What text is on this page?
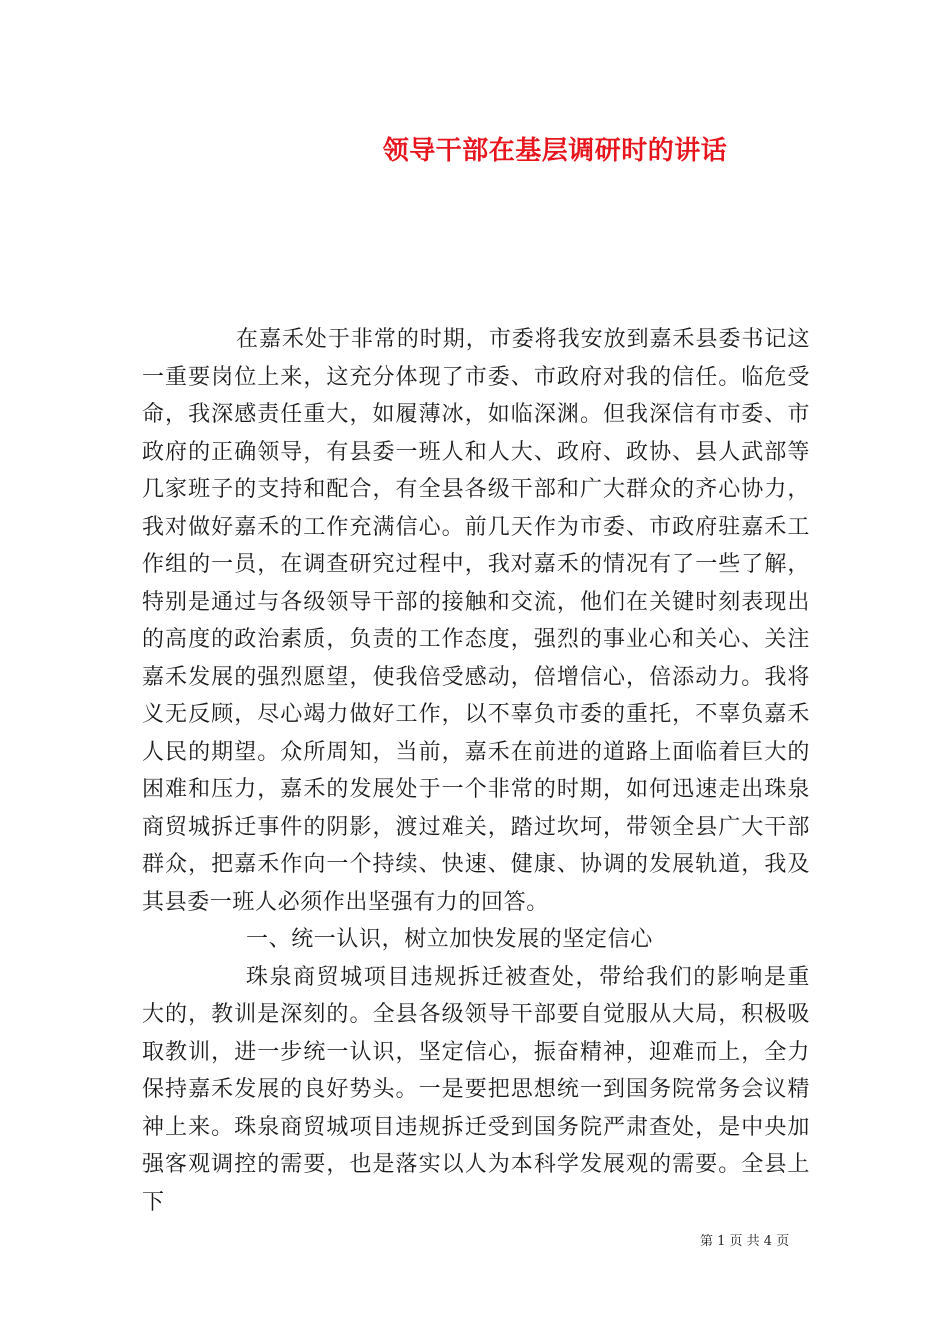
领导干部在基层调研时的讲话

在嘉禾处于非常的时期，市委将我安放到嘉禾县委书记这一重要岗位上来，这充分体现了市委、市政府对我的信任。临危受命，我深感责任重大，如履薄冰，如临深渊。但我深信有市委、市政府的正确领导，有县委一班人和人大、政府、政协、县人武部等几家班子的支持和配合，有全县各级干部和广大群众的齐心协力，我对做好嘉禾的工作充满信心。前几天作为市委、市政府驻嘉禾工作组的一员，在调查研究过程中，我对嘉禾的情况有了一些了解，特别是通过与各级领导干部的接触和交流，他们在关键时刻表现出的高度的政治素质，负责的工作态度，强烈的事业心和关心、关注嘉禾发展的强烈愿望，使我倍受感动，倍增信心，倍添动力。我将义无反顾，尽心竭力做好工作，以不辜负市委的重托，不辜负嘉禾人民的期望。众所周知，当前，嘉禾在前进的道路上面临着巨大的困难和压力，嘉禾的发展处于一个非常的时期，如何迅速走出珠泉商贸城拆迁事件的阴影，渡过难关，踏过坎坷，带领全县广大干部群众，把嘉禾作向一个持续、快速、健康、协调的发展轨道，我及其县委一班人必须作出坚强有力的回答。

一、统一认识，树立加快发展的坚定信心

珠泉商贸城项目违规拆迁被查处，带给我们的影响是重大的，教训是深刻的。全县各级领导干部要自觉服从大局，积极吸取教训，进一步统一认识，坚定信心，振奋精神，迎难而上，全力保持嘉禾发展的良好势头。一是要把思想统一到国务院常务会议精神上来。珠泉商贸城项目违规拆迁受到国务院严肃查处，是中央加强客观调控的需要，也是落实以人为本科学发展观的需要。全县上下

第 1 页 共 4 页
